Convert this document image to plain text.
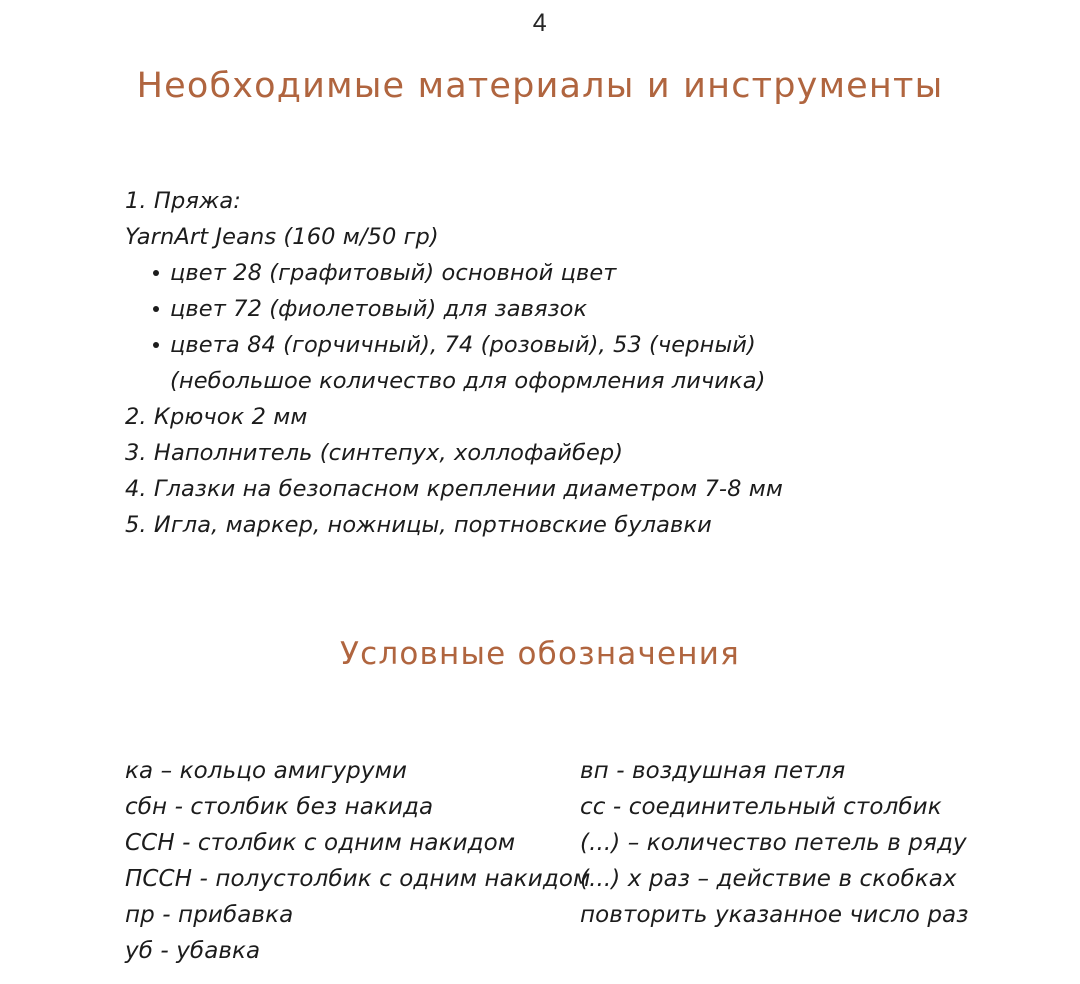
4
Необходимые материалы и инструменты
1. Пряжа:
YarnArt Jeans (160 м/50 гр)
цвет 28 (графитовый) основной цвет
цвет 72 (фиолетовый) для завязок
цвета 84 (горчичный), 74 (розовый), 53 (черный)
(небольшое количество для оформления личика)
2. Крючок 2 мм
3. Наполнитель (синтепух, холлофайбер)
4. Глазки на безопасном креплении диаметром 7-8 мм
5. Игла, маркер, ножницы, портновские булавки
Условные обозначения
ка – кольцо амигуруми
сбн - столбик без накида
ССН - столбик с одним накидом
ПССН - полустолбик с одним накидом
пр - прибавка
уб - убавка
вп - воздушная петля
сс - соединительный столбик
(...) – количество петель в ряду
(...) х раз – действие в скобках
повторить указанное число раз
